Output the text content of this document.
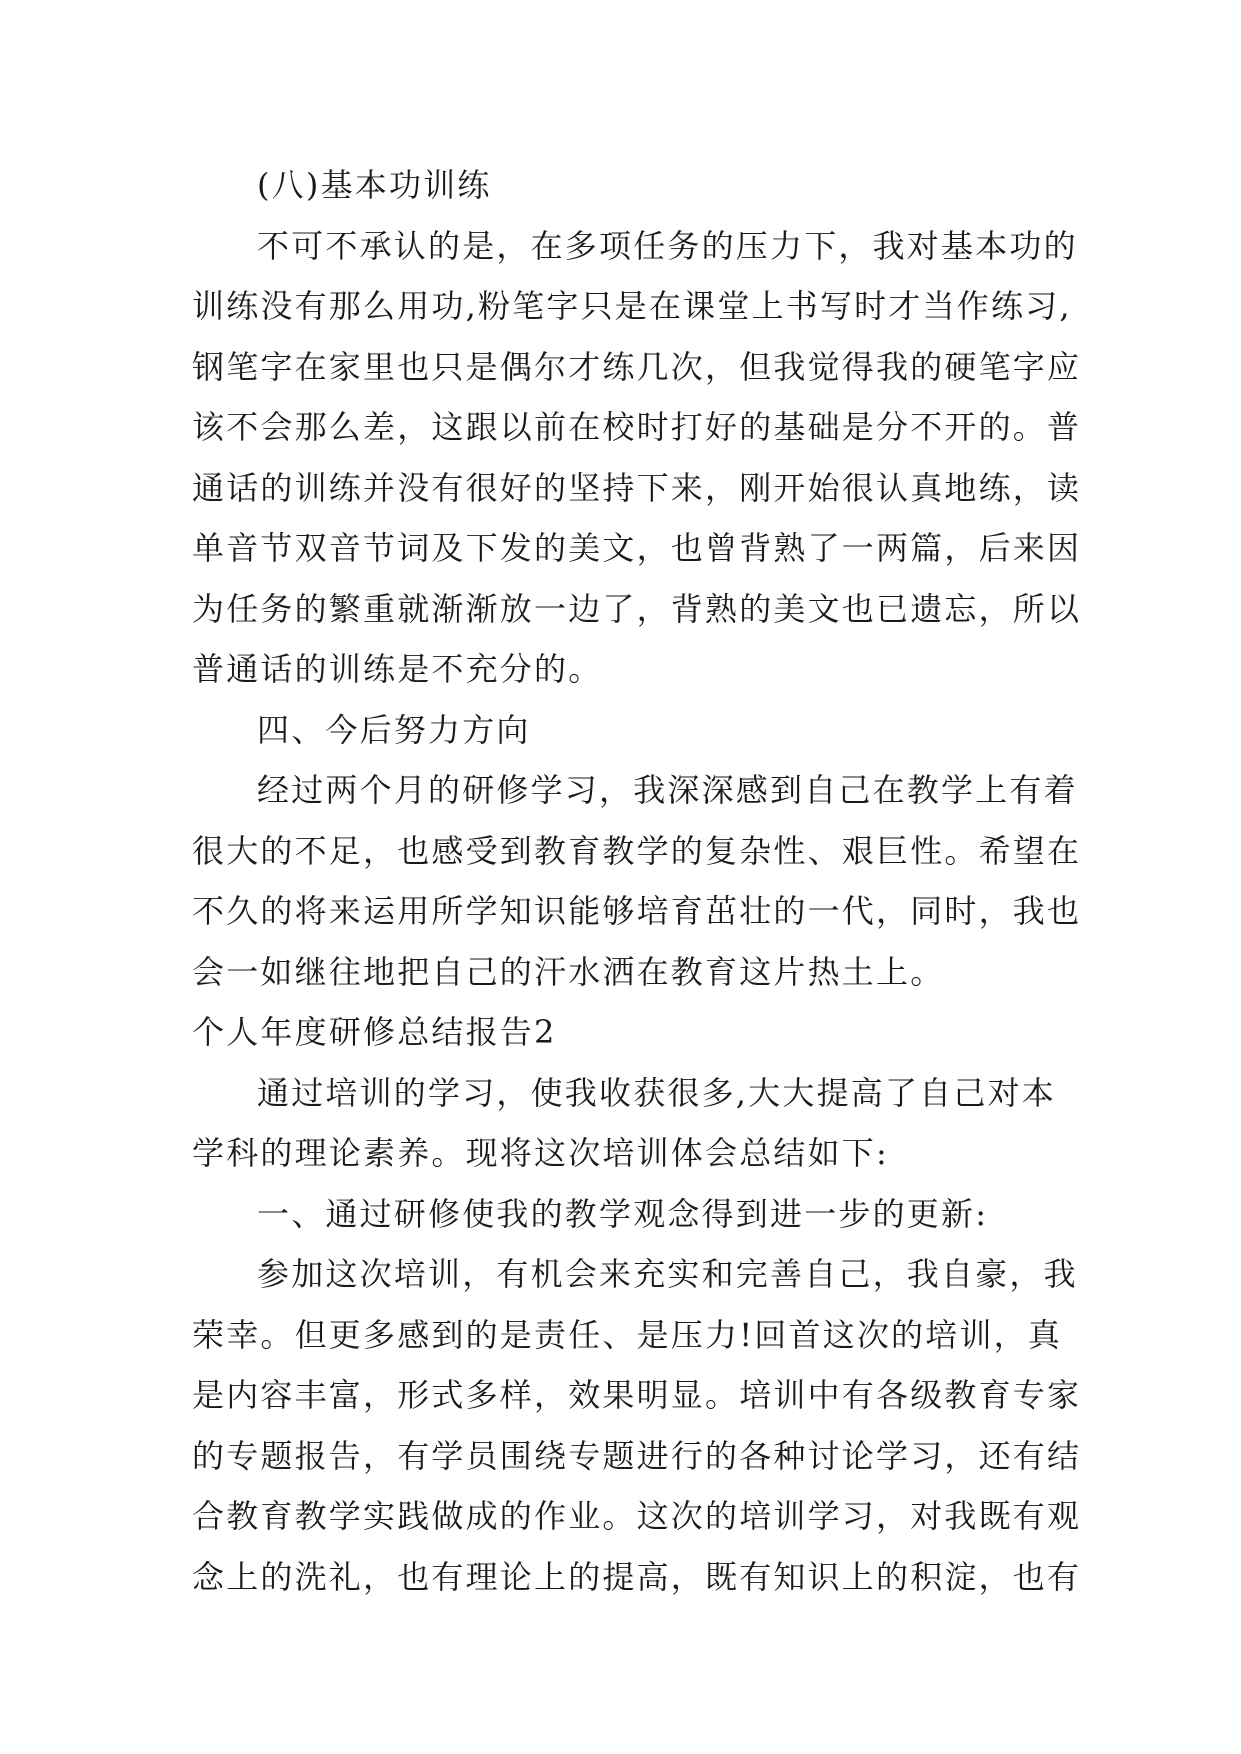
(八)基本功训练
不可不承认的是，在多项任务的压力下，我对基本功的
训练没有那么用功,粉笔字只是在课堂上书写时才当作练习,
钢笔字在家里也只是偶尔才练几次，但我觉得我的硬笔字应
该不会那么差，这跟以前在校时打好的基础是分不开的。普
通话的训练并没有很好的坚持下来，刚开始很认真地练，读
单音节双音节词及下发的美文，也曾背熟了一两篇，后来因
为任务的繁重就渐渐放一边了，背熟的美文也已遗忘，所以
普通话的训练是不充分的。
四、今后努力方向
经过两个月的研修学习，我深深感到自己在教学上有着
很大的不足，也感受到教育教学的复杂性、艰巨性。希望在
不久的将来运用所学知识能够培育茁壮的一代，同时，我也
会一如继往地把自己的汗水洒在教育这片热土上。
个人年度研修总结报告2
通过培训的学习，使我收获很多,大大提高了自己对本
学科的理论素养。现将这次培训体会总结如下:
一、通过研修使我的教学观念得到进一步的更新:
参加这次培训，有机会来充实和完善自己，我自豪，我
荣幸。但更多感到的是责任、是压力!回首这次的培训，真
是内容丰富，形式多样，效果明显。培训中有各级教育专家
的专题报告，有学员围绕专题进行的各种讨论学习，还有结
合教育教学实践做成的作业。这次的培训学习，对我既有观
念上的洗礼，也有理论上的提高，既有知识上的积淀，也有
